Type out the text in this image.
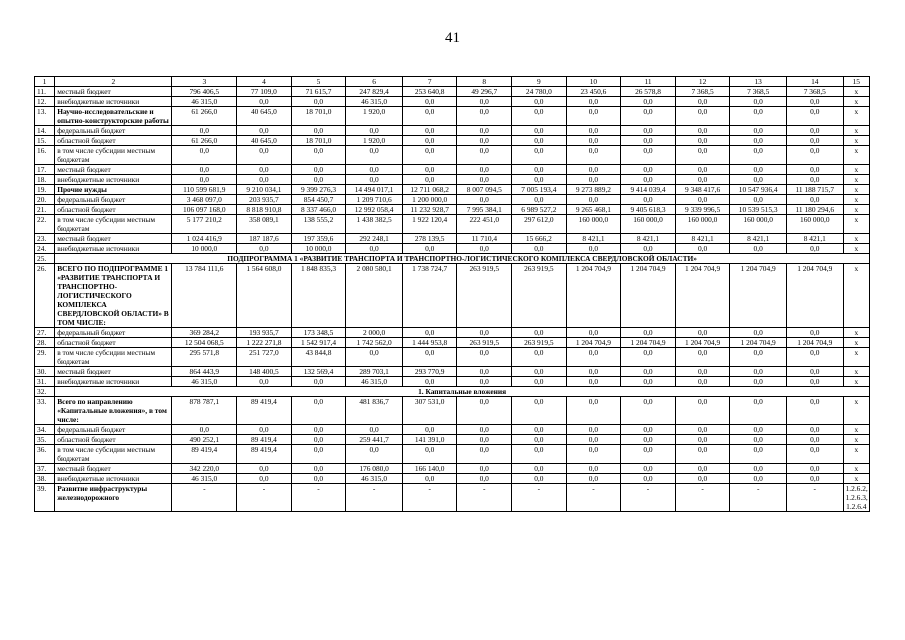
41
1	2	3	4	5	6	7	8	9	10	11	12	13	14	15
11.	местный бюджет	796 406,5	77 109,0	71 615,7	247 829,4	253 640,8	49 296,7	24 780,0	23 450,6	26 578,8	7 368,5	7 368,5	7 368,5	x
12.	внебюджетные источники	46 315,0	0,0	0,0	46 315,0	0,0	0,0	0,0	0,0	0,0	0,0	0,0	0,0	x
13.	Научно-исследовательские и опытно-конструкторские работы	61 266,0	40 645,0	18 701,0	1 920,0	0,0	0,0	0,0	0,0	0,0	0,0	0,0	0,0	x
14.	федеральный бюджет	0,0	0,0	0,0	0,0	0,0	0,0	0,0	0,0	0,0	0,0	0,0	0,0	x
15.	областной бюджет	61 266,0	40 645,0	18 701,0	1 920,0	0,0	0,0	0,0	0,0	0,0	0,0	0,0	0,0	x
16.	в том числе субсидии местным бюджетам	0,0	0,0	0,0	0,0	0,0	0,0	0,0	0,0	0,0	0,0	0,0	0,0	x
17.	местный бюджет	0,0	0,0	0,0	0,0	0,0	0,0	0,0	0,0	0,0	0,0	0,0	0,0	x
18.	внебюджетные источники	0,0	0,0	0,0	0,0	0,0	0,0	0,0	0,0	0,0	0,0	0,0	0,0	x
19.	Прочие нужды	110 599 681,9	9 210 034,1	9 399 276,3	14 494 017,1	12 711 068,2	8 007 094,5	7 005 193,4	9 273 889,2	9 414 039,4	9 348 417,6	10 547 936,4	11 188 715,7	x
20.	федеральный бюджет	3 468 097,0	203 935,7	854 450,7	1 209 710,6	1 200 000,0	0,0	0,0	0,0	0,0	0,0	0,0	0,0	x
21.	областной бюджет	106 097 168,0	8 818 910,8	8 337 466,0	12 992 058,4	11 232 928,7	7 995 384,1	6 989 527,2	9 265 468,1	9 405 618,3	9 339 996,5	10 539 515,3	11 180 294,6	x
22.	в том числе субсидии местным бюджетам	5 177 210,2	358 089,1	138 555,2	1 438 382,5	1 922 120,4	222 451,0	297 612,0	160 000,0	160 000,0	160 000,0	160 000,0	160 000,0	x
23.	местный бюджет	1 024 416,9	187 187,6	197 359,6	292 248,1	278 139,5	11 710,4	15 666,2	8 421,1	8 421,1	8 421,1	8 421,1	8 421,1	x
24.	внебюджетные источники	10 000,0	0,0	10 000,0	0,0	0,0	0,0	0,0	0,0	0,0	0,0	0,0	0,0	x
25.	ПОДПРОГРАММА 1 «РАЗВИТИЕ ТРАНСПОРТА И ТРАНСПОРТНО-ЛОГИСТИЧЕСКОГО КОМПЛЕКСА СВЕРДЛОВСКОЙ ОБЛАСТИ»													
26.	ВСЕГО ПО ПОДПРОГРАММЕ 1 «РАЗВИТИЕ ТРАНСПОРТА И ТРАНСПОРТНО-ЛОГИСТИЧЕСКОГО КОМПЛЕКСА СВЕРДЛОВСКОЙ ОБЛАСТИ» В ТОМ ЧИСЛЕ:	13 784 111,6	1 564 608,0	1 848 835,3	2 080 580,1	1 738 724,7	263 919,5	263 919,5	1 204 704,9	1 204 704,9	1 204 704,9	1 204 704,9	1 204 704,9	x
27.	федеральный бюджет	369 284,2	193 935,7	173 348,5	2 000,0	0,0	0,0	0,0	0,0	0,0	0,0	0,0	0,0	x
28.	областной бюджет	12 504 068,5	1 222 271,8	1 542 917,4	1 742 562,0	1 444 953,8	263 919,5	263 919,5	1 204 704,9	1 204 704,9	1 204 704,9	1 204 704,9	1 204 704,9	x
29.	в том числе субсидии местным бюджетам	295 571,8	251 727,0	43 844,8	0,0	0,0	0,0	0,0	0,0	0,0	0,0	0,0	0,0	x
30.	местный бюджет	864 443,9	148 400,5	132 569,4	289 703,1	293 770,9	0,0	0,0	0,0	0,0	0,0	0,0	0,0	x
31.	внебюджетные источники	46 315,0	0,0	0,0	46 315,0	0,0	0,0	0,0	0,0	0,0	0,0	0,0	0,0	x
32.	1. Капитальные вложения													
33.	Всего по направлению «Капитальные вложения», в том числе:	878 787,1	89 419,4	0,0	481 836,7	307 531,0	0,0	0,0	0,0	0,0	0,0	0,0	0,0	x
34.	федеральный бюджет	0,0	0,0	0,0	0,0	0,0	0,0	0,0	0,0	0,0	0,0	0,0	0,0	x
35.	областной бюджет	490 252,1	89 419,4	0,0	259 441,7	141 391,0	0,0	0,0	0,0	0,0	0,0	0,0	0,0	x
36.	в том числе субсидии местным бюджетам	89 419,4	89 419,4	0,0	0,0	0,0	0,0	0,0	0,0	0,0	0,0	0,0	0,0	x
37.	местный бюджет	342 220,0	0,0	0,0	176 080,0	166 140,0	0,0	0,0	0,0	0,0	0,0	0,0	0,0	x
38.	внебюджетные источники	46 315,0	0,0	0,0	46 315,0	0,0	0,0	0,0	0,0	0,0	0,0	0,0	0,0	x
39.	Развитие инфраструктуры железнодорожного	-	-	-	-	-	-	-	-	-	-	-	-	1.2.6.2, 1.2.6.3, 1.2.6.4
